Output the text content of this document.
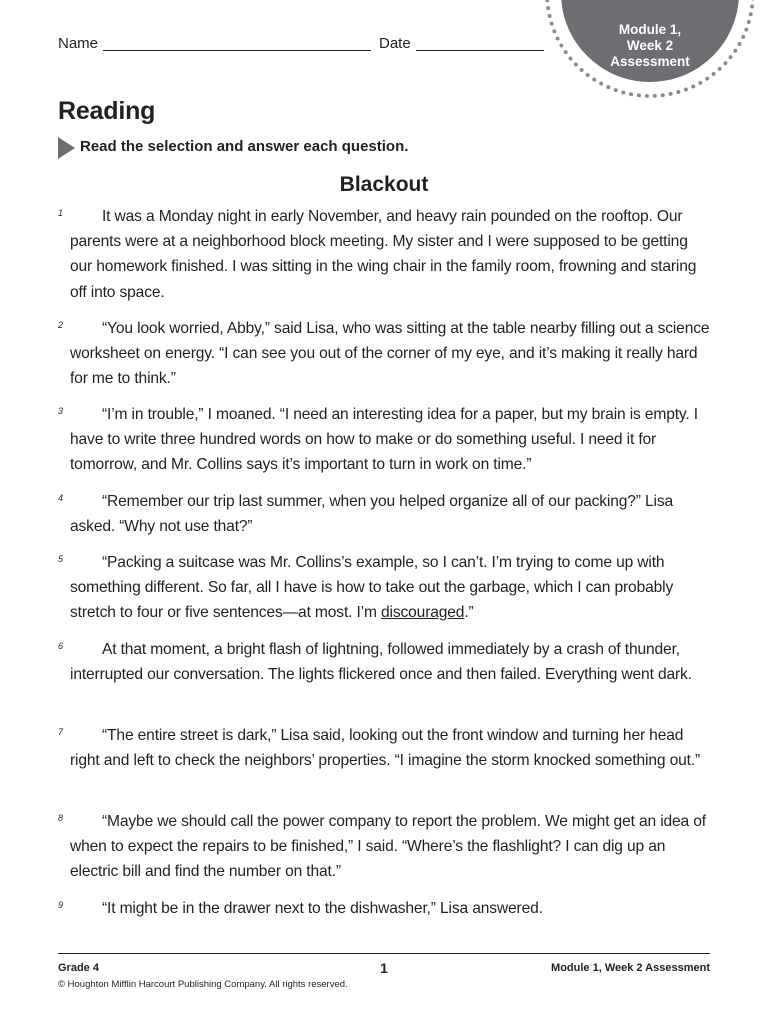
Name	Date
Module 1,
Week 2
Assessment
Reading
Read the selection and answer each question.
Blackout
1	It was a Monday night in early November, and heavy rain pounded on the rooftop. Our parents were at a neighborhood block meeting. My sister and I were supposed to be getting our homework finished. I was sitting in the wing chair in the family room, frowning and staring off into space.
2	“You look worried, Abby,” said Lisa, who was sitting at the table nearby filling out a science worksheet on energy. “I can see you out of the corner of my eye, and it’s making it really hard for me to think.”
3	“I’m in trouble,” I moaned. “I need an interesting idea for a paper, but my brain is empty. I have to write three hundred words on how to make or do something useful. I need it for tomorrow, and Mr. Collins says it’s important to turn in work on time.”
4	“Remember our trip last summer, when you helped organize all of our packing?” Lisa asked. “Why not use that?”
5	“Packing a suitcase was Mr. Collins’s example, so I can’t. I’m trying to come up with something different. So far, all I have is how to take out the garbage, which I can probably stretch to four or five sentences—at most. I’m discouraged.”
6	At that moment, a bright flash of lightning, followed immediately by a crash of thunder, interrupted our conversation. The lights flickered once and then failed. Everything went dark.
7	“The entire street is dark,” Lisa said, looking out the front window and turning her head right and left to check the neighbors’ properties. “I imagine the storm knocked something out.”
8	“Maybe we should call the power company to report the problem. We might get an idea of when to expect the repairs to be finished,” I said. “Where’s the flashlight? I can dig up an electric bill and find the number on that.”
9	“It might be in the drawer next to the dishwasher,” Lisa answered.
Grade 4	1	Module 1, Week 2 Assessment
© Houghton Mifflin Harcourt Publishing Company. All rights reserved.
